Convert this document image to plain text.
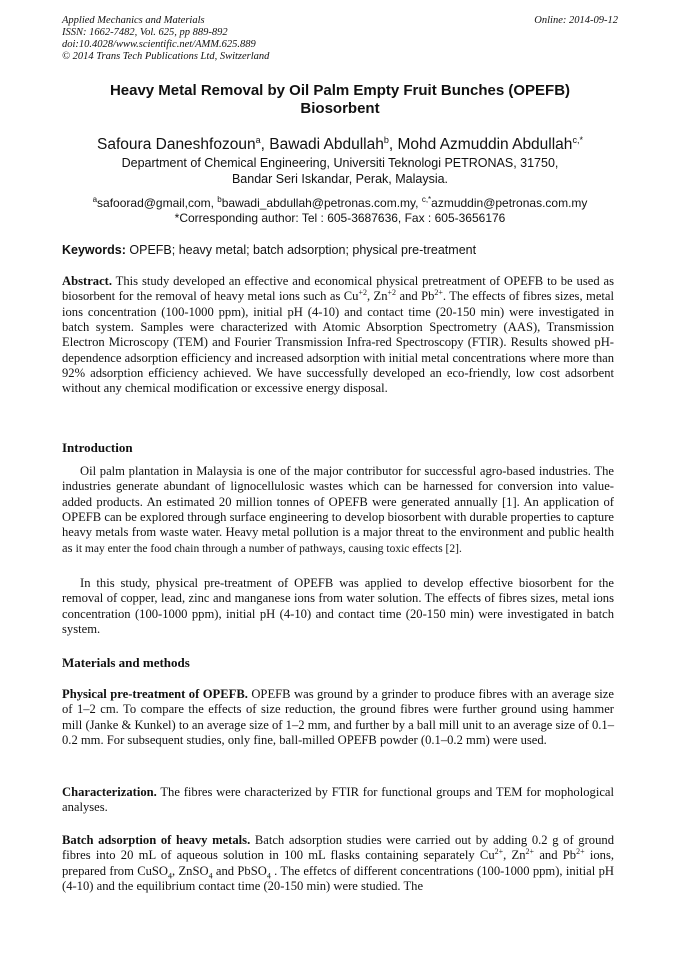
Applied Mechanics and Materials
ISSN: 1662-7482, Vol. 625, pp 889-892
doi:10.4028/www.scientific.net/AMM.625.889
© 2014 Trans Tech Publications Ltd, Switzerland
Online: 2014-09-12
Heavy Metal Removal by Oil Palm Empty Fruit Bunches (OPEFB)
Biosorbent
Safoura Daneshfozoun$^a$, Bawadi Abdullah$^b$, Mohd Azmuddin Abdullah$^{c,*}$
Department of Chemical Engineering, Universiti Teknologi PETRONAS, 31750,
Bandar Seri Iskandar, Perak, Malaysia.
$^a$safoorad@gmail,com, $^b$bawadi_abdullah@petronas.com.my, $^{c,*}$azmuddin@petronas.com.my
*Corresponding author: Tel : 605-3687636, Fax : 605-3656176
Keywords: OPEFB; heavy metal; batch adsorption; physical pre-treatment
Abstract. This study developed an effective and economical physical pretreatment of OPEFB to be used as biosorbent for the removal of heavy metal ions such as $Cu^{+2}$, $Zn^{+2}$ and $Pb^{2+}$. The effects of fibres sizes, metal ions concentration (100-1000 ppm), initial pH (4-10) and contact time (20-150 min) were investigated in batch system. Samples were characterized with Atomic Absorption Spectrometry (AAS), Transmission Electron Microscopy (TEM) and Fourier Transmission Infra-red Spectroscopy (FTIR). Results showed pH-dependence adsorption efficiency and increased adsorption with initial metal concentrations where more than 92% adsorption efficiency achieved. We have successfully developed an eco-friendly, low cost adsorbent without any chemical modification or excessive energy disposal.
Introduction
Oil palm plantation in Malaysia is one of the major contributor for successful agro-based industries. The industries generate abundant of lignocellulosic wastes which can be harnessed for conversion into value-added products. An estimated 20 million tonnes of OPEFB were generated annually [1]. An application of OPEFB can be explored through surface engineering to develop biosorbent with durable properties to capture heavy metals from waste water. Heavy metal pollution is a major threat to the environment and public health as it may enter the food chain through a number of pathways, causing toxic effects [2].
In this study, physical pre-treatment of OPEFB was applied to develop effective biosorbent for the removal of copper, lead, zinc and manganese ions from water solution. The effects of fibres sizes, metal ions concentration (100-1000 ppm), initial pH (4-10) and contact time (20-150 min) were investigated in batch system.
Materials and methods
Physical pre-treatment of OPEFB. OPEFB was ground by a grinder to produce fibres with an average size of 1–2 cm. To compare the effects of size reduction, the ground fibres were further ground using hammer mill (Janke & Kunkel) to an average size of 1–2 mm, and further by a ball mill unit to an average size of 0.1–0.2 mm. For subsequent studies, only fine, ball-milled OPEFB powder (0.1–0.2 mm) were used.
Characterization. The fibres were characterized by FTIR for functional groups and TEM for mophological analyses.
Batch adsorption of heavy metals. Batch adsorption studies were carried out by adding 0.2 g of ground fibres into 20 mL of aqueous solution in 100 mL flasks containing separately $Cu^{2+}$, $Zn^{2+}$ and $Pb^{2+}$ ions, prepared from CuSO$_4$, ZnSO$_4$ and PbSO$_4$ . The effetcs of different concentrations (100-1000 ppm), initial pH (4-10) and the equilibrium contact time (20-150 min) were studied. The
